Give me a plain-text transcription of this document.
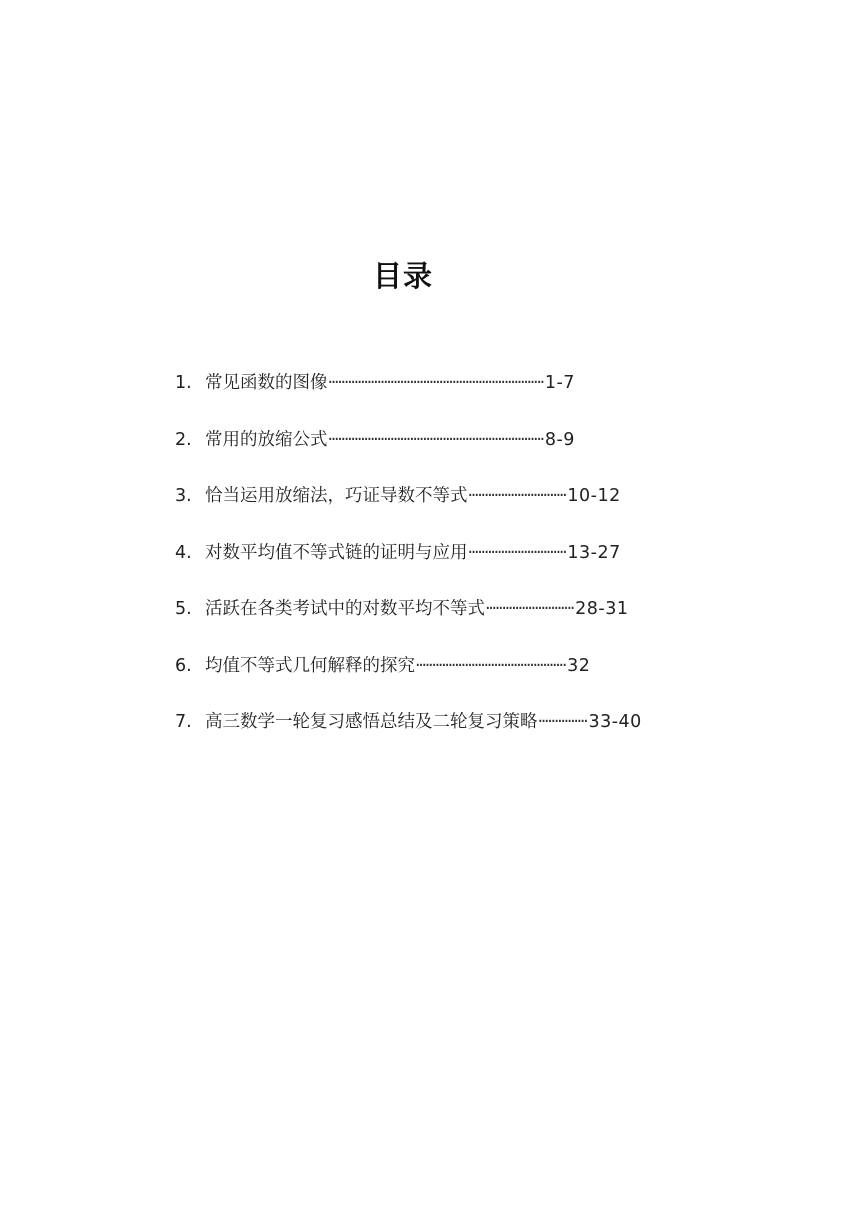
目录
1. 常见函数的图像 ·································································· 1-7
2. 常用的放缩公式 ·································································· 8-9
3. 恰当运用放缩法，巧证导数不等式 ······························ 10-12
4. 对数平均值不等式链的证明与应用 ······························ 13-27
5. 活跃在各类考试中的对数平均不等式 ··························· 28-31
6. 均值不等式几何解释的探究 ·············································· 32
7. 高三数学一轮复习感悟总结及二轮复习策略 ··············· 33-40
